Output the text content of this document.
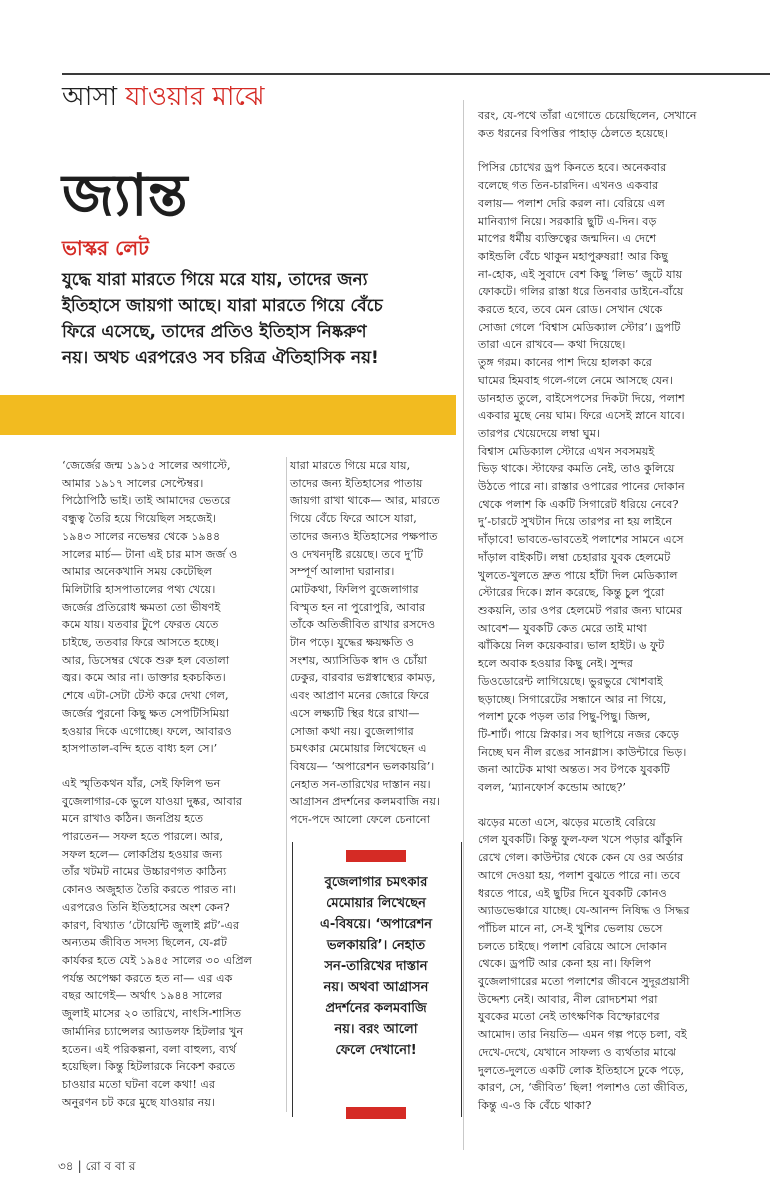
আসা যাওয়ার মাঝে
জ্যান্ত
ভাস্কর লেট

যুদ্ধে যারা মারতে গিয়ে মরে যায়, তাদের জন্য

ইতিহাসে জায়গা আছে। যারা মারতে গিয়ে বেঁচে

ফিরে এসেছে, তাদের প্রতিও ইতিহাস নিষ্করুণ

নয়। অথচ এরপরেও সব চরিত্র ঐতিহাসিক নয়!

‘জের্জের জন্ম ১৯১৫ সালের অগাস্টে,

আমার ১৯১৭ সালের সেপ্টেম্বর।

পিঠোপিঠি ভাই। তাই আমাদের ভেতরে

বন্ধুত্ব তৈরি হয়ে গিয়েছিল সহজেই।

১৯৪৩ সালের নভেম্বর থেকে ১৯৪৪

সালের মার্চ— টানা এই চার মাস জর্জ ও

আমার অনেকখানি সময় কেটেছিল

মিলিটারি হাসপাতালের পথ্য খেয়ে।

জর্জের প্রতিরোধ ক্ষমতা তো ভীষণই

কমে যায়। যতবার টুপে ফেরত যেতে

চাইছে, ততবার ফিরে আসতে হচ্ছে।

আর, ডিসেম্বর থেকে শুরু হল বেতালা

জ্বর। কমে আর না। ডাক্তার হকচকিত।

শেষে এটা-সেটা টেস্ট করে দেখা গেল,

জর্জের পুরনো কিছু ক্ষত সেপটিসিমিয়া

হওয়ার দিকে এগোচ্ছে। ফলে, আবারও

হাসপাতাল-বন্দি হতে বাধ্য হল সে।’

এই স্মৃতিকথন যাঁর, সেই ফিলিপ ভন

বুজেলাগার-কে ভুলে যাওয়া দুষ্কর, আবার

মনে রাখাও কঠিন। জনপ্রিয় হতে

পারতেন— সফল হতে পারলে। আর,

সফল হলে— লোকপ্রিয় হওয়ার জন্য

তাঁর খটমট নামের উচ্চারণগত কাঠিন্য

কোনও অজুহাত তৈরি করতে পারত না।

এরপরেও তিনি ইতিহাসের অংশ কেন?

কারণ, বিখ্যাত ‘টোয়েন্টি জুলাই প্লট’-এর

অন্যতম জীবিত সদস্য ছিলেন, যে-প্লট

কার্যকর হতে যেই ১৯৪৫ সালের ৩০ এপ্রিল

পর্যন্ত অপেক্ষা করতে হত না— এর এক

বছর আগেই— অর্থাৎ ১৯৪৪ সালের

জুলাই মাসের ২০ তারিখে, নাৎসি-শাসিত

জার্মানির চ্যান্সেলর অ্যাডলফ হিটলার খুন

হতেন। এই পরিকল্পনা, বলা বাহুল্য, ব্যর্থ

হয়েছিল। কিন্তু হিটলারকে নিকেশ করতে

চাওয়ার মতো ঘটনা বলে কথা! এর

অনুরণন চট করে মুছে যাওয়ার নয়।

যারা মারতে গিয়ে মরে যায়,

তাদের জন্য ইতিহাসের পাতায়

জায়গা রাখা থাকে— আর, মারতে

গিয়ে বেঁচে ফিরে আসে যারা,

তাদের জন্যও ইতিহাসের পক্ষপাত

ও দেখনদৃষ্টি রয়েছে। তবে দু’টি

সম্পূর্ণ আলাদা ঘরানার।

মোটকথা, ফিলিপ বুজেলাগার

বিস্মৃত হন না পুরোপুরি, আবার

তাঁকে অতিজীবিত রাখার রসদেও

টান পড়ে। যুদ্ধের ক্ষয়ক্ষতি ও

সংশয়, অ্যাসিডিক স্বাদ ও চোঁয়া

ঢেকুর, বারবার ভগ্নস্বাস্থ্যের কামড়,

এবং আপ্রাণ মনের জোরে ফিরে

এসে লক্ষ্যটি স্থির ধরে রাখা—

সোজা কথা নয়। বুজেলাগার

চমৎকার মেমোয়ার লিখেছেন এ

বিষয়ে— ‘অপারেশন ভলকায়রি’।

নেহাত সন-তারিখের দাস্তান নয়।

আগ্রাসন প্রদর্শনের কলমবাজি নয়।

পদে-পদে আলো ফেলে চেনানো

বরং, যে-পথে তাঁরা এগোতে চেয়েছিলেন, সেখানে

কত ধরনের বিপত্তির পাহাড় ঠেলতে হয়েছে।

পিসির চোখের ড্রপ কিনতে হবে। অনেকবার

বলেছে গত তিন-চারদিন। এখনও একবার

বলায়— পলাশ দেরি করল না। বেরিয়ে এল

মানিব্যাগ নিয়ে। সরকারি ছুটি এ-দিন। বড়

মাপের ধর্মীয় ব্যক্তিত্বের জন্মদিন। এ দেশে

কাইন্ডলি বেঁচে থাকুন মহাপুরুষরা! আর কিছু

না-হোক, এই সুবাদে বেশ কিছু ‘লিভ’ জুটে যায়

ফোকটে। গলির রাস্তা ধরে তিনবার ডাইনে-বাঁয়ে

করতে হবে, তবে মেন রোড। সেখান থেকে

সোজা গেলে ‘বিশ্বাস মেডিক্যাল স্টোর’। ড্রপটি

তারা এনে রাখবে— কথা দিয়েছে।

তুঙ্গ গরম। কানের পাশ দিয়ে হালকা করে

ঘামের হিমবাহ গলে-গলে নেমে আসছে যেন।

ডানহাত তুলে, বাইসেপসের দিকটা দিয়ে, পলাশ

একবার মুছে নেয় ঘাম। ফিরে এসেই স্নানে যাবে।

তারপর খেয়েদেয়ে লম্বা ঘুম।

বিশ্বাস মেডিক্যাল স্টোরে এখন সবসময়ই

ভিড় থাকে। স্টাফের কমতি নেই, তাও কুলিয়ে

উঠতে পারে না। রাস্তার ওপারের পানের দোকান

থেকে পলাশ কি একটি সিগারেট ধরিয়ে নেবে?

দু’-চারটে সুখটান দিয়ে তারপর না হয় লাইনে

দাঁড়াবে! ভাবতে-ভাবতেই পলাশের সামনে এসে

দাঁড়াল বাইকটি। লম্বা চেহারার যুবক হেলমেট

খুলতে-খুলতে দ্রুত পায়ে হাঁটা দিল মেডিক্যাল

স্টোরের দিকে। স্নান করেছে, কিন্তু চুল পুরো

শুকয়নি, তার ওপর হেলমেট পরার জন্য ঘামের

আবেশ— যুবকটি কেত মেরে তাই মাথা

ঝাঁকিয়ে নিল কয়েকবার। ভাল হাইট। ৬ ফুট

হলে অবাক হওয়ার কিছু নেই। সুন্দর

ডিওডোরেন্ট লাগিয়েছে। ভুরভুরে খোশবাই

ছড়াচ্ছে। সিগারেটের সন্ধানে আর না গিয়ে,

পলাশ ঢুকে পড়ল তার পিছু-পিছু। জিন্স,

টি-শার্ট। পায়ে স্নিকার। সব ছাপিয়ে নজর কেড়ে

নিচ্ছে ঘন নীল রঙের সানগ্লাস। কাউন্টারে ভিড়।

জনা আটেক মাথা অন্তত। সব টপকে যুবকটি

বলল, ‘ম্যানফোর্স কন্ডোম আছে?’

ঝড়ের মতো এসে, ঝড়ের মতোই বেরিয়ে

গেল যুবকটি। কিন্তু ফুল-ফল খসে পড়ার ঝাঁকুনি

রেখে গেল। কাউন্টার থেকে কেন যে ওর অর্ডার

আগে দেওয়া হয়, পলাশ বুঝতে পারে না। তবে

ধরতে পারে, এই ছুটির দিনে যুবকটি কোনও

অ্যাডভেঞ্চারে যাচ্ছে। যে-আনন্দ নিষিদ্ধ ও সিদ্ধর

পাঁচিল মানে না, সে-ই খুশির ভেলায় ভেসে

চলতে চাইছে। পলাশ বেরিয়ে আসে দোকান

থেকে। ড্রপটি আর কেনা হয় না। ফিলিপ

বুজেলাগারের মতো পলাশের জীবনে সুদূরপ্রয়াসী

উদ্দেশ্য নেই। আবার, নীল রোদচশমা পরা

যুবকের মতো নেই তাৎক্ষণিক বিস্ফোরণের

আমোদ। তার নিয়তি— এমন গল্প পড়ে চলা, বই

দেখে-দেখে, যেখানে সাফল্য ও ব্যর্থতার মাঝে

দুলতে-দুলতে একটি লোক ইতিহাসে ঢুকে পড়ে,

কারণ, সে, ‘জীবিত’ ছিল! পলাশও তো জীবিত,

কিন্তু এ-ও কি বেঁচে থাকা?

বুজেলাগার চমৎকার

মেমোয়ার লিখেছেন

এ-বিষয়ে। ‘অপারেশন

ভলকায়রি’। নেহাত

সন-তারিখের দাস্তান

নয়। অথবা আগ্রাসন

প্রদর্শনের কলমবাজি

নয়। বরং আলো

ফেলে দেখানো!

৩৪ | রো ব বা র
